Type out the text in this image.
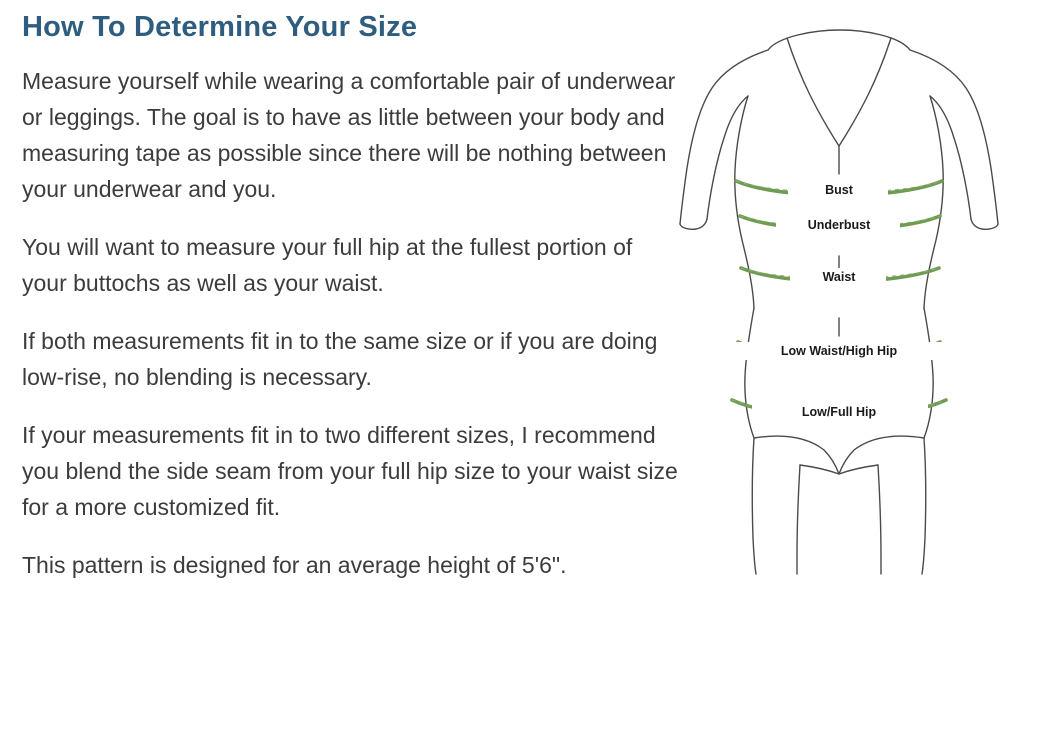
How To Determine Your Size

Measure yourself while wearing a comfortable pair of underwear or leggings. The goal is to have as little between your body and measuring tape as possible since there will be nothing between your underwear and you.

You will want to measure your full hip at the fullest portion of your buttochs as well as your waist.

If both measurements fit in to the same size or if you are doing low-rise, no blending is necessary.

If your measurements fit in to two different sizes, I recommend you blend the side seam from your full hip size to your waist size for a more customized fit.

This pattern is designed for an average height of 5'6".

Bust
Underbust
Waist
Low Waist/High Hip
Low/Full Hip
